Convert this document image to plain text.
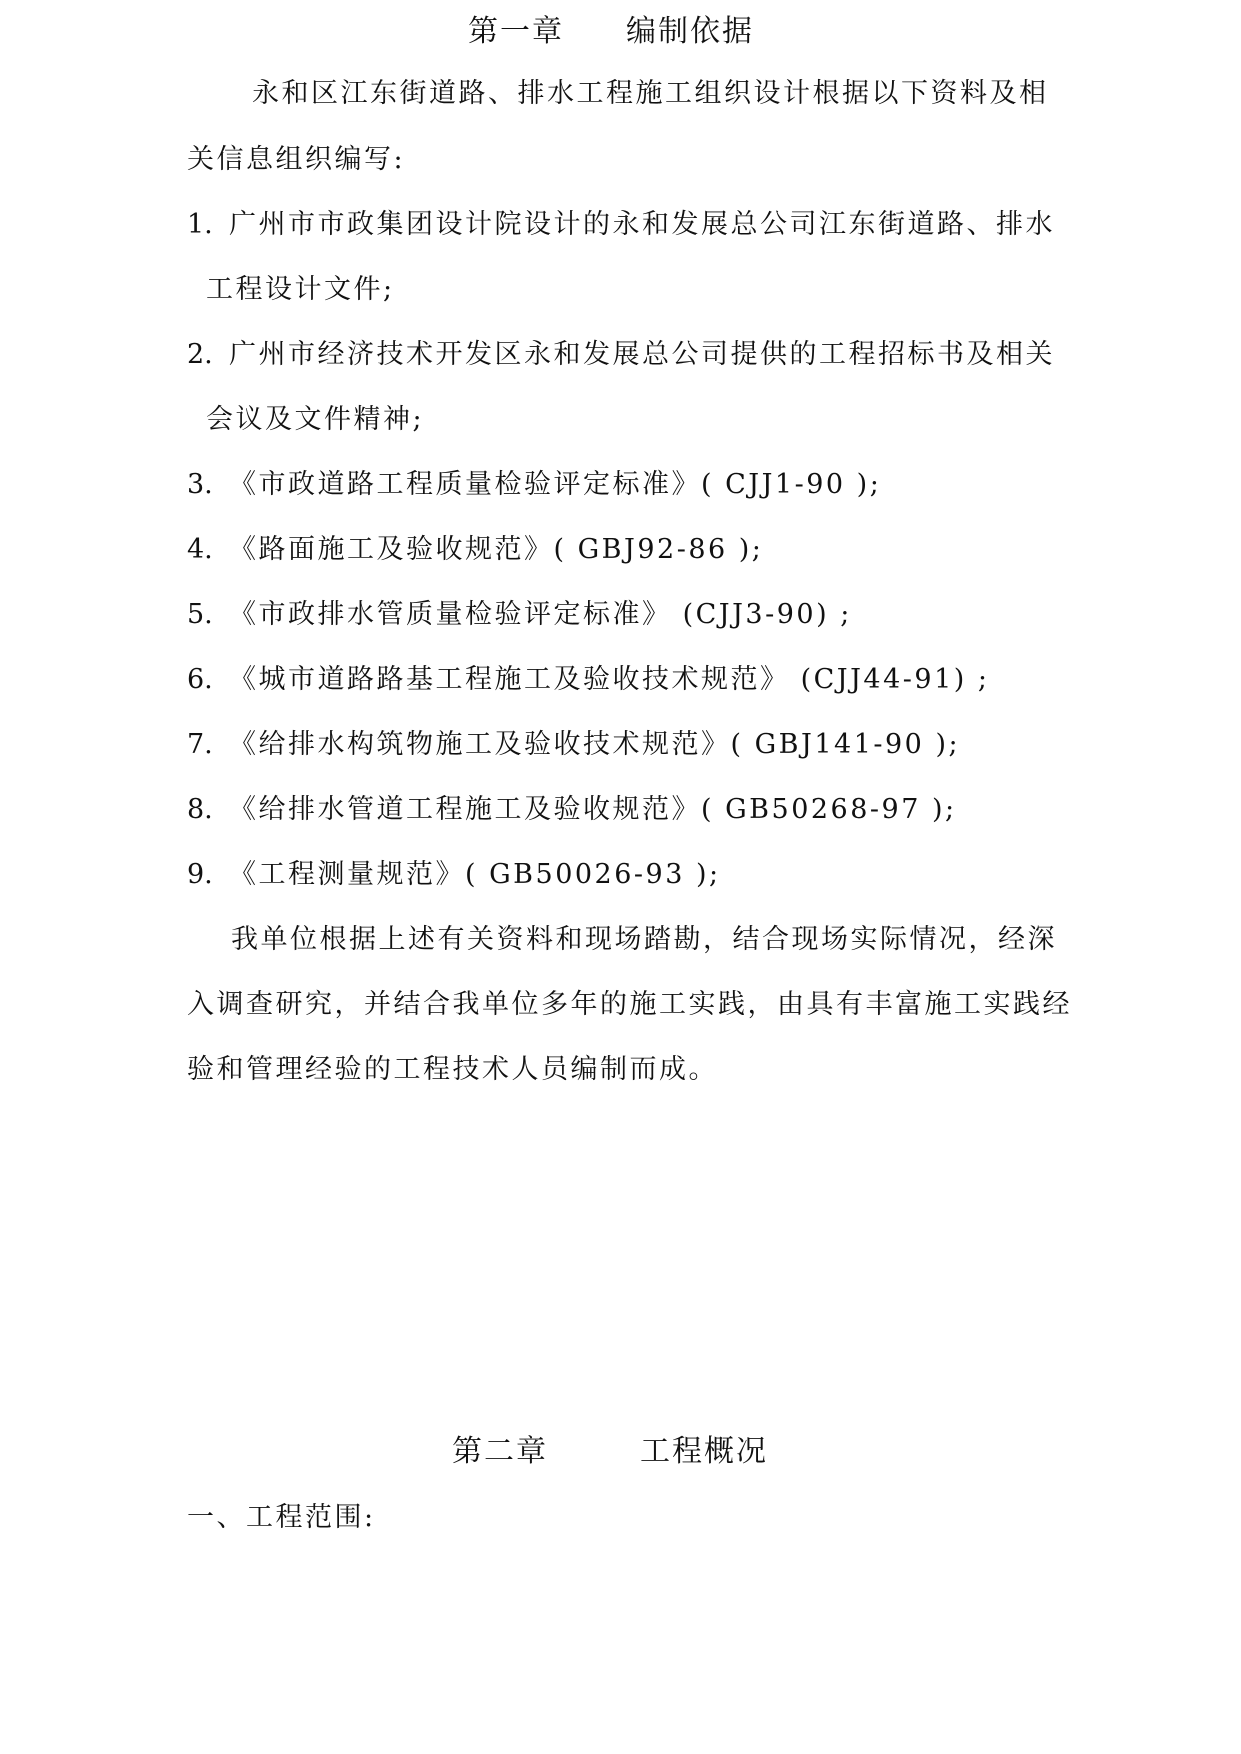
第一章 编制依据
永和区江东街道路、排水工程施工组织设计根据以下资料及相
关信息组织编写:
1. 广州市市政集团设计院设计的永和发展总公司江东街道路、排水
工程设计文件;
2. 广州市经济技术开发区永和发展总公司提供的工程招标书及相关
会议及文件精神;
3. 《市政道路工程质量检验评定标准》( CJJ1-90 );
4. 《路面施工及验收规范》( GBJ92-86 );
5. 《市政排水管质量检验评定标准》 (CJJ3-90) ;
6. 《城市道路路基工程施工及验收技术规范》 (CJJ44-91) ;
7. 《给排水构筑物施工及验收技术规范》( GBJ141-90 );
8. 《给排水管道工程施工及验收规范》( GB50268-97 );
9. 《工程测量规范》( GB50026-93 );
我单位根据上述有关资料和现场踏勘，结合现场实际情况，经深
入调查研究，并结合我单位多年的施工实践，由具有丰富施工实践经
验和管理经验的工程技术人员编制而成。
第二章	工程概况
一、工程范围:
